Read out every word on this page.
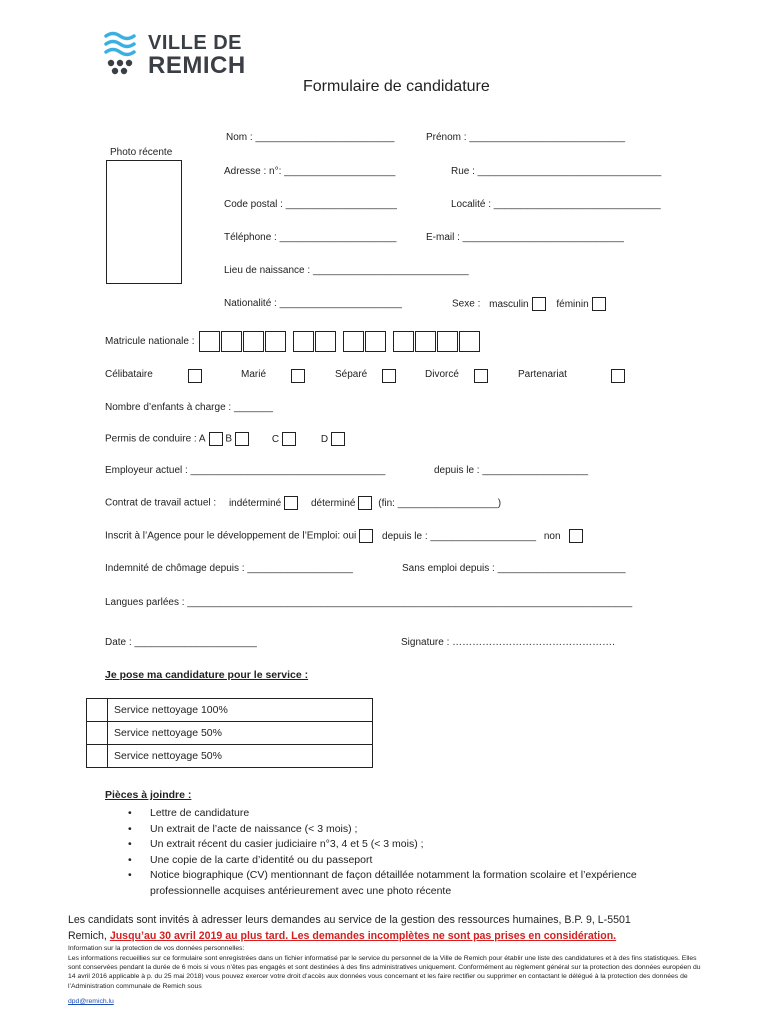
VILLE DE
REMICH
Formulaire de candidature
Photo récente
Nom : _________________________	Prénom : ____________________________
Adresse : n°: ____________________	Rue : _________________________________
Code postal : ____________________	Localité : ______________________________
Téléphone : _____________________	E-mail : _____________________________
Lieu de naissance : ____________________________
Nationalité : ______________________	Sexe : masculin	féminin
Matricule nationale :
Célibataire	Marié	Séparé	Divorcé	Partenariat
Nombre d’enfants à charge : _______
Permis de conduire : A B	C	D
Employeur actuel : ___________________________________	depuis le : ___________________
Contrat de travail actuel : indéterminé	déterminé (fin: __________________)
Inscrit à l’Agence pour le développement de l’Emploi: oui	depuis le : ___________________ non
Indemnité de chômage depuis : ___________________	Sans emploi depuis : _______________________
Langues parlées : ________________________________________________________________________________
Date : ______________________	Signature : ………………………………………….
Je pose ma candidature pour le service :
	Service nettoyage 100%
	Service nettoyage 50%
	Service nettoyage 50%
Pièces à joindre :
• Lettre de candidature
• Un extrait de l’acte de naissance (< 3 mois) ;
• Un extrait récent du casier judiciaire n°3, 4 et 5 (< 3 mois) ;
• Une copie de la carte d’identité ou du passeport
• Notice biographique (CV) mentionnant de façon détaillée notamment la formation scolaire et l’expérience professionnelle acquises antérieurement avec une photo récente
Les candidats sont invités à adresser leurs demandes au service de la gestion des ressources humaines, B.P. 9, L-5501
Remich, Jusqu’au 30 avril 2019 au plus tard. Les demandes incomplètes ne sont pas prises en considération.
Information sur la protection de vos données personnelles:
Les informations recueillies sur ce formulaire sont enregistrées dans un fichier informatisé par le service du personnel de la Ville de Remich pour établir une liste des candidatures et à des fins statistiques. Elles sont conservées pendant la durée de 6 mois si vous n’êtes pas engagés et sont destinées à des fins administratives uniquement. Conformément au règlement général sur la protection des données européen du 14 avril 2016 applicable à p. du 25 mai 2018) vous pouvez exercer votre droit d’accès aux données vous concernant et les faire rectifier ou supprimer en contactant le délégué à la protection des données de l’Administration communale de Remich sous
dpd@remich.lu
